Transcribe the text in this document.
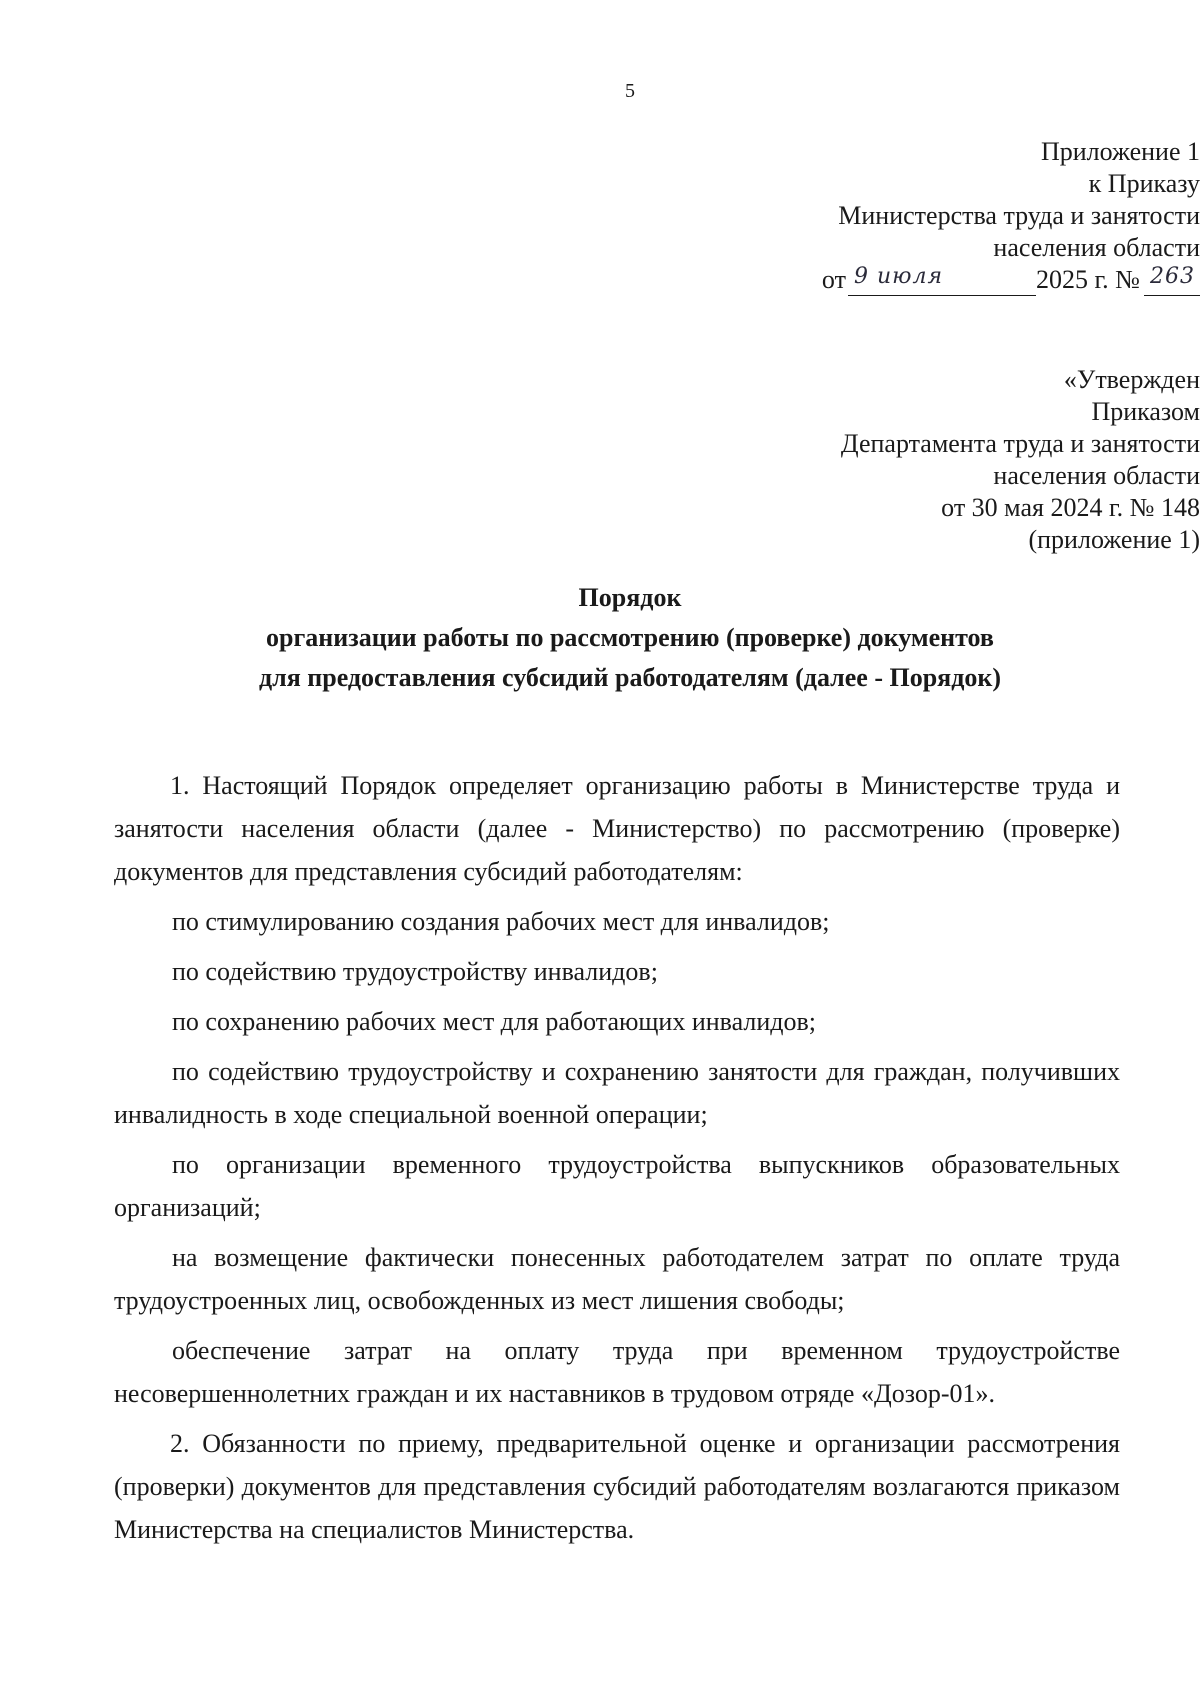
5
Приложение 1
к Приказу
Министерства труда и занятости
населения области
от 9 июля	2025 г. № 263
«Утвержден
Приказом
Департамента труда и занятости
населения области
от 30 мая 2024 г. № 148
(приложение 1)
Порядок
организации работы по рассмотрению (проверке) документов
для предоставления субсидий работодателям (далее - Порядок)

1. Настоящий Порядок определяет организацию работы в Министерстве труда и занятости населения области (далее - Министерство) по рассмотрению (проверке) документов для представления субсидий работодателям:

по стимулированию создания рабочих мест для инвалидов;

по содействию трудоустройству инвалидов;

по сохранению рабочих мест для работающих инвалидов;

по содействию трудоустройству и сохранению занятости для граждан, получивших инвалидность в ходе специальной военной операции;

по организации временного трудоустройства выпускников образовательных организаций;

на возмещение фактически понесенных работодателем затрат по оплате труда трудоустроенных лиц, освобожденных из мест лишения свободы;

обеспечение затрат на оплату труда при временном трудоустройстве несовершеннолетних граждан и их наставников в трудовом отряде «Дозор-01».

2. Обязанности по приему, предварительной оценке и организации рассмотрения (проверки) документов для представления субсидий работодателям возлагаются приказом Министерства на специалистов Министерства.
